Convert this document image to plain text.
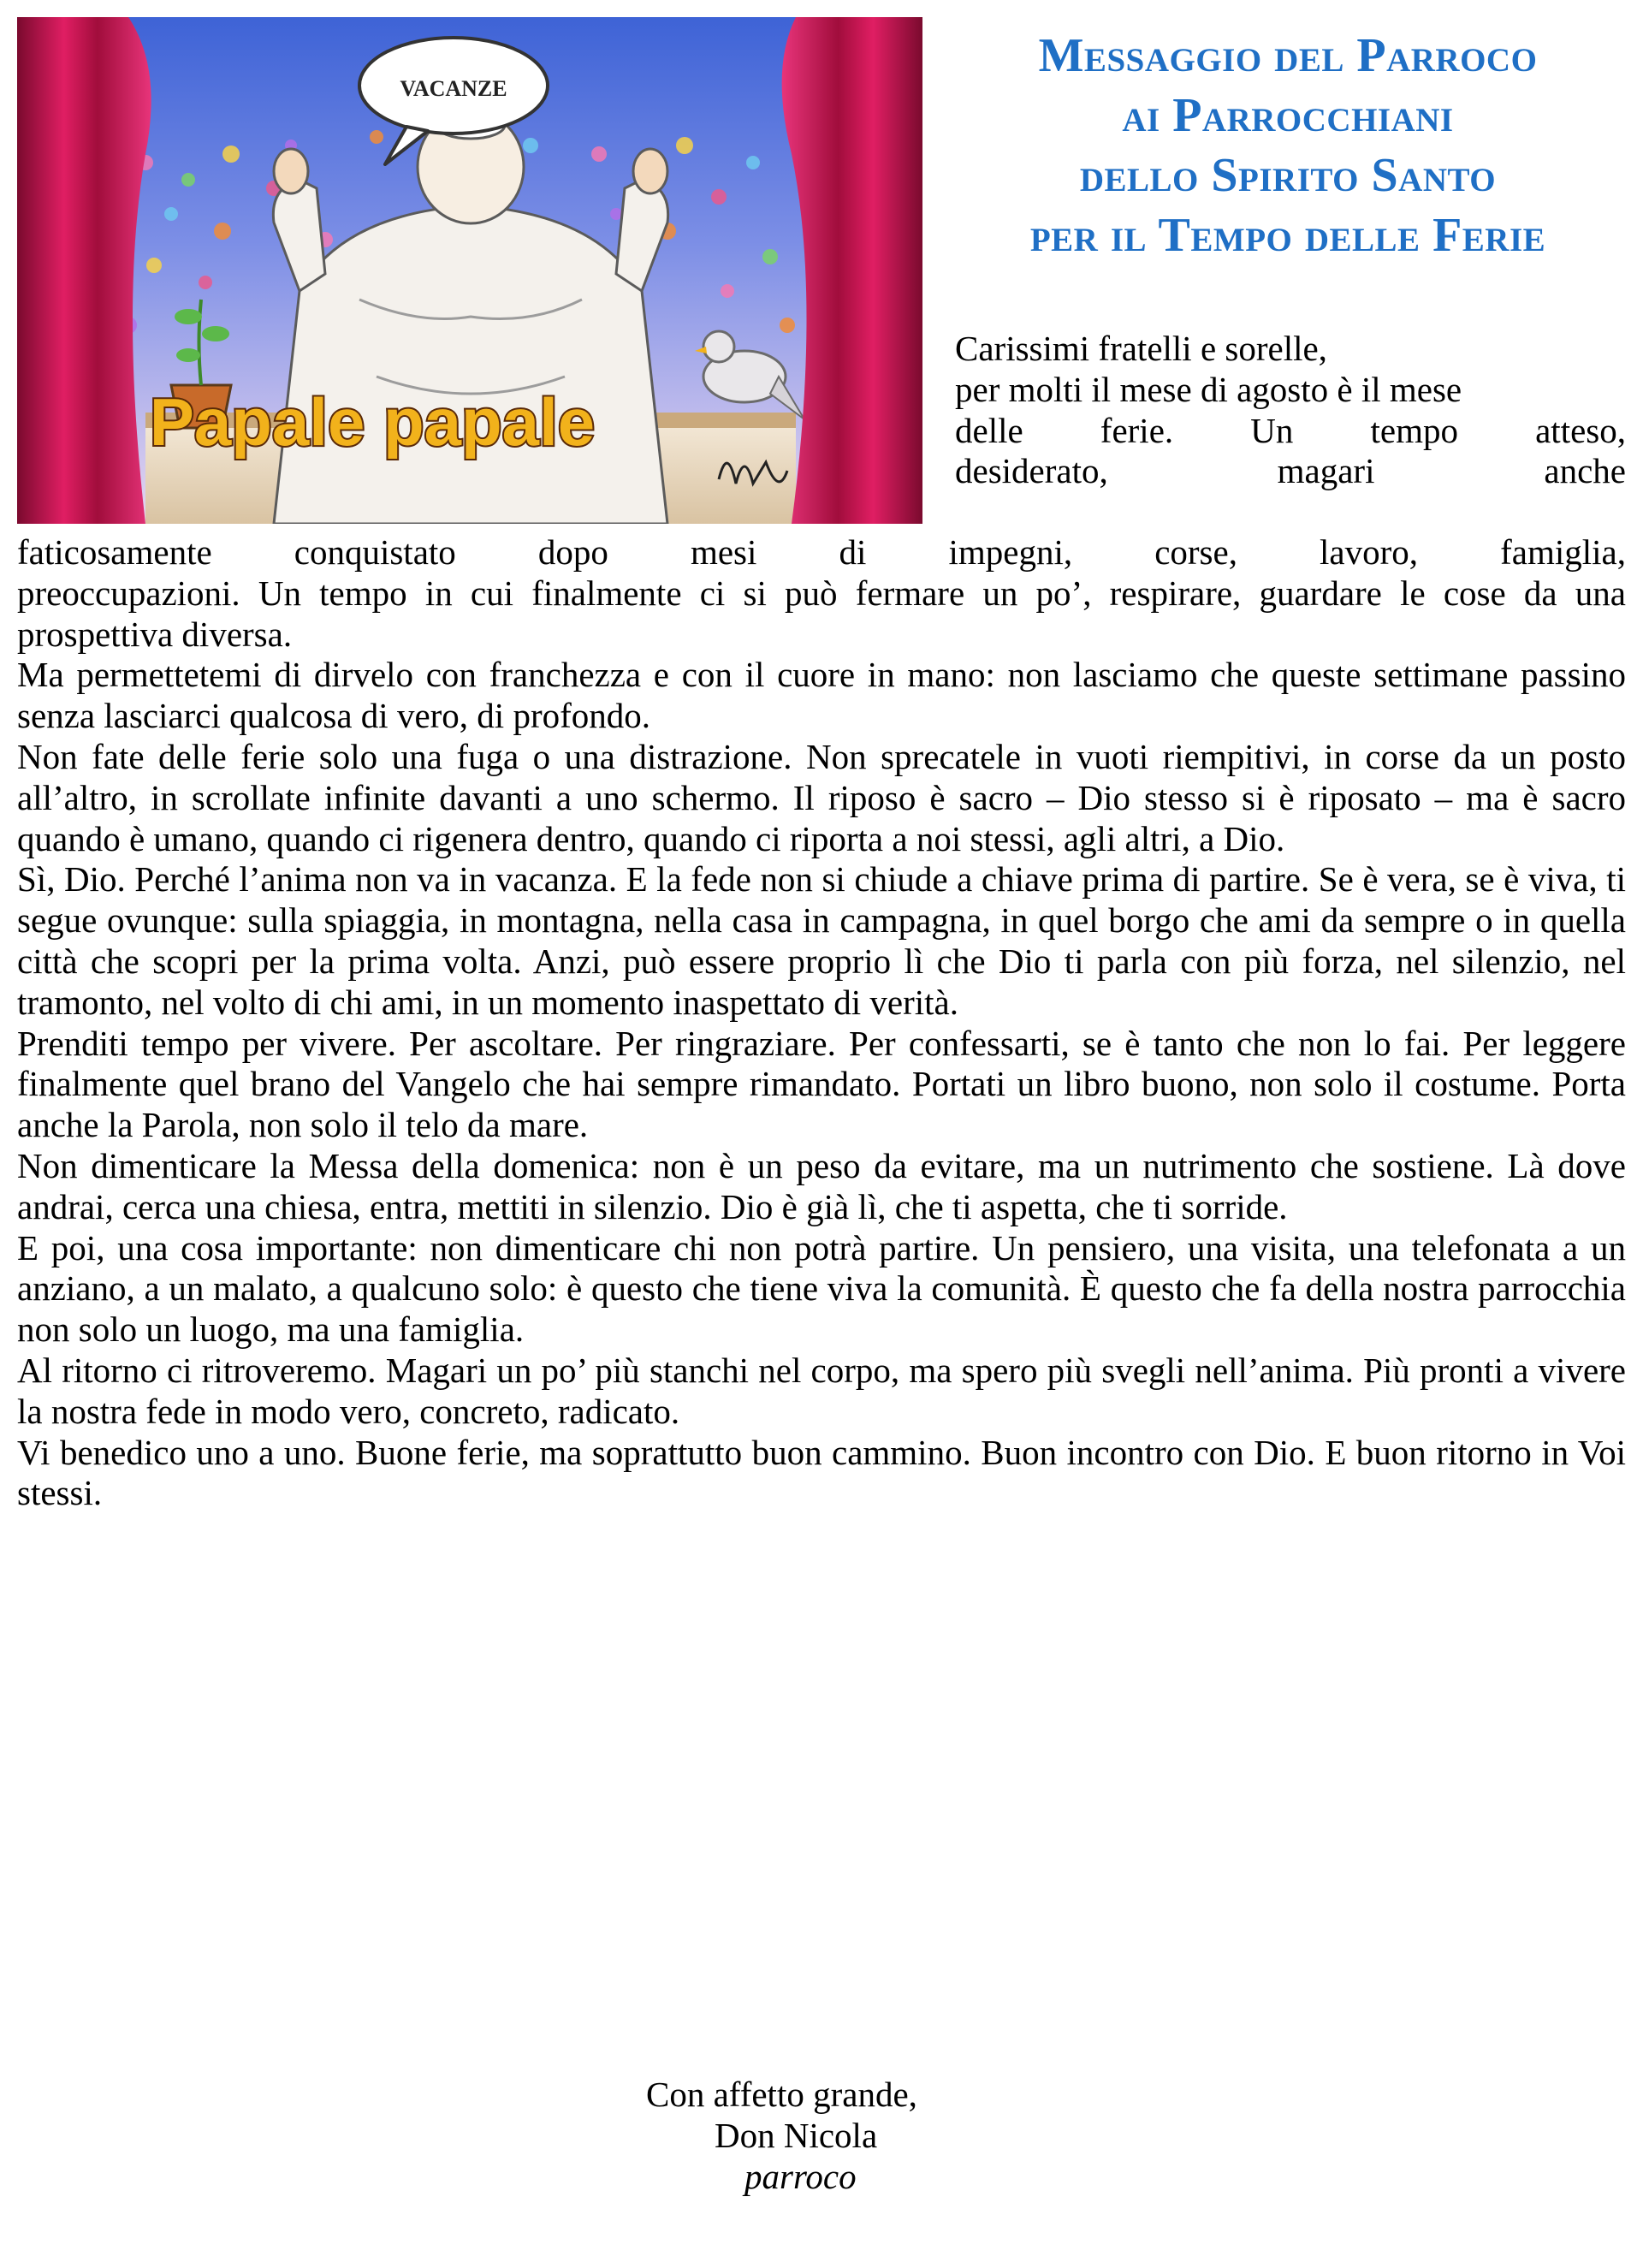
VACANZE
Papale papale
Messaggio del Parroco
ai Parrocchiani
dello Spirito Santo
per il Tempo delle Ferie
Carissimi fratelli e sorelle,
per molti il mese di agosto è il mese
delle ferie. Un tempo atteso,
desiderato, magari anche
faticosamente conquistato dopo mesi di impegni, corse, lavoro, famiglia,

preoccupazioni. Un tempo in cui finalmente ci si può fermare un po’, respirare, guardare le cose da una prospettiva diversa.

Ma permettetemi di dirvelo con franchezza e con il cuore in mano: non lasciamo che queste settimane passino senza lasciarci qualcosa di vero, di profondo.

Non fate delle ferie solo una fuga o una distrazione. Non sprecatele in vuoti riempitivi, in corse da un posto all’altro, in scrollate infinite davanti a uno schermo. Il riposo è sacro – Dio stesso si è riposato – ma è sacro quando è umano, quando ci rigenera dentro, quando ci riporta a noi stessi, agli altri, a Dio.

Sì, Dio. Perché l’anima non va in vacanza. E la fede non si chiude a chiave prima di partire. Se è vera, se è viva, ti segue ovunque: sulla spiaggia, in montagna, nella casa in campagna, in quel borgo che ami da sempre o in quella città che scopri per la prima volta. Anzi, può essere proprio lì che Dio ti parla con più forza, nel silenzio, nel tramonto, nel volto di chi ami, in un momento inaspettato di verità.

Prenditi tempo per vivere. Per ascoltare. Per ringraziare. Per confessarti, se è tanto che non lo fai. Per leggere finalmente quel brano del Vangelo che hai sempre rimandato. Portati un libro buono, non solo il costume. Porta anche la Parola, non solo il telo da mare.

Non dimenticare la Messa della domenica: non è un peso da evitare, ma un nutrimento che sostiene. Là dove andrai, cerca una chiesa, entra, mettiti in silenzio. Dio è già lì, che ti aspetta, che ti sorride.

E poi, una cosa importante: non dimenticare chi non potrà partire. Un pensiero, una visita, una telefonata a un anziano, a un malato, a qualcuno solo: è questo che tiene viva la comunità. È questo che fa della nostra parrocchia non solo un luogo, ma una famiglia.

Al ritorno ci ritroveremo. Magari un po’ più stanchi nel corpo, ma spero più svegli nell’anima. Più pronti a vivere la nostra fede in modo vero, concreto, radicato.

Vi benedico uno a uno. Buone ferie, ma soprattutto buon cammino. Buon incontro con Dio. E buon ritorno in Voi stessi.

Con affetto grande,
Don Nicola
parroco
